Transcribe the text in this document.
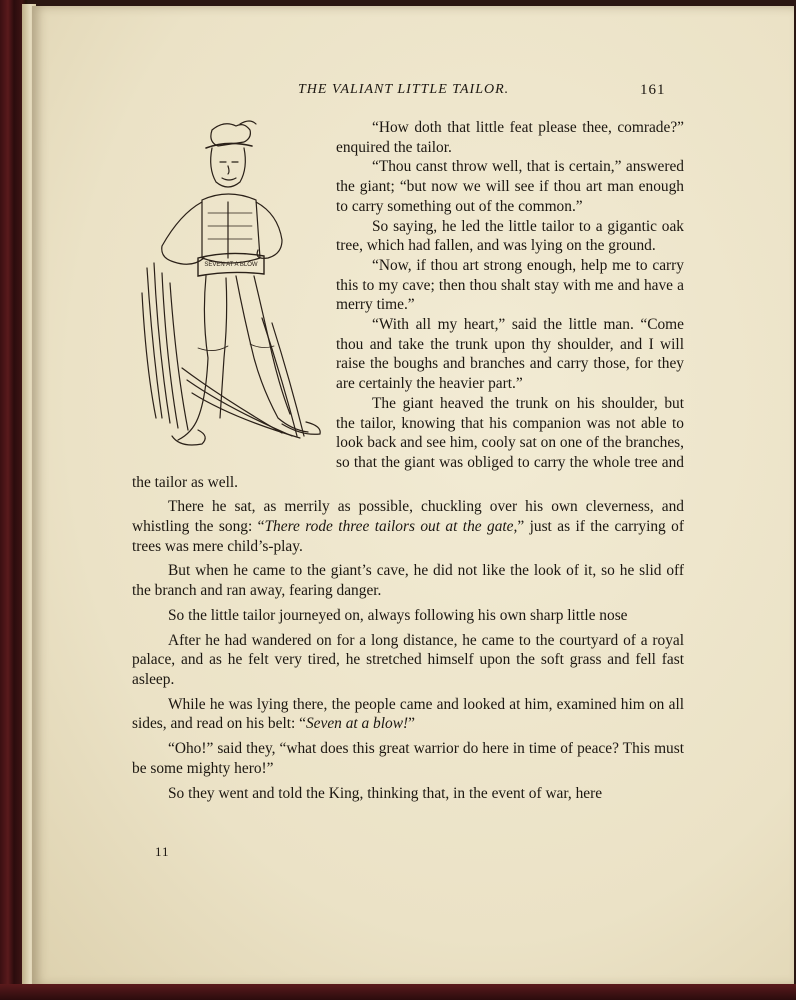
THE VALIANT LITTLE TAILOR.	161
SEVEN AT A BLOW

“How doth that little feat please thee, comrade?” enquired the tailor.

“Thou canst throw well, that is certain,” answered the giant; “but now we will see if thou art man enough to carry something out of the common.”

So saying, he led the little tailor to a gigantic oak tree, which had fallen, and was lying on the ground.

“Now, if thou art strong enough, help me to carry this to my cave; then thou shalt stay with me and have a merry time.”

“With all my heart,” said the little man. “Come thou and take the trunk upon thy shoulder, and I will raise the boughs and branches and carry those, for they are certainly the heavier part.”

The giant heaved the trunk on his shoulder, but the tailor, knowing that his companion was not able to look back and see him, cooly sat on one of the branches, so that the giant was obliged to carry the whole tree and the tailor as well.

There he sat, as merrily as possible, chuckling over his own cleverness, and whistling the song: “There rode three tailors out at the gate,” just as if the carrying of trees was mere child’s-play.

But when he came to the giant’s cave, he did not like the look of it, so he slid off the branch and ran away, fearing danger.

So the little tailor journeyed on, always following his own sharp little nose

After he had wandered on for a long distance, he came to the courtyard of a royal palace, and as he felt very tired, he stretched himself upon the soft grass and fell fast asleep.

While he was lying there, the people came and looked at him, examined him on all sides, and read on his belt: “Seven at a blow!”

“Oho!” said they, “what does this great warrior do here in time of peace? This must be some mighty hero!”

So they went and told the King, thinking that, in the event of war, here

11
